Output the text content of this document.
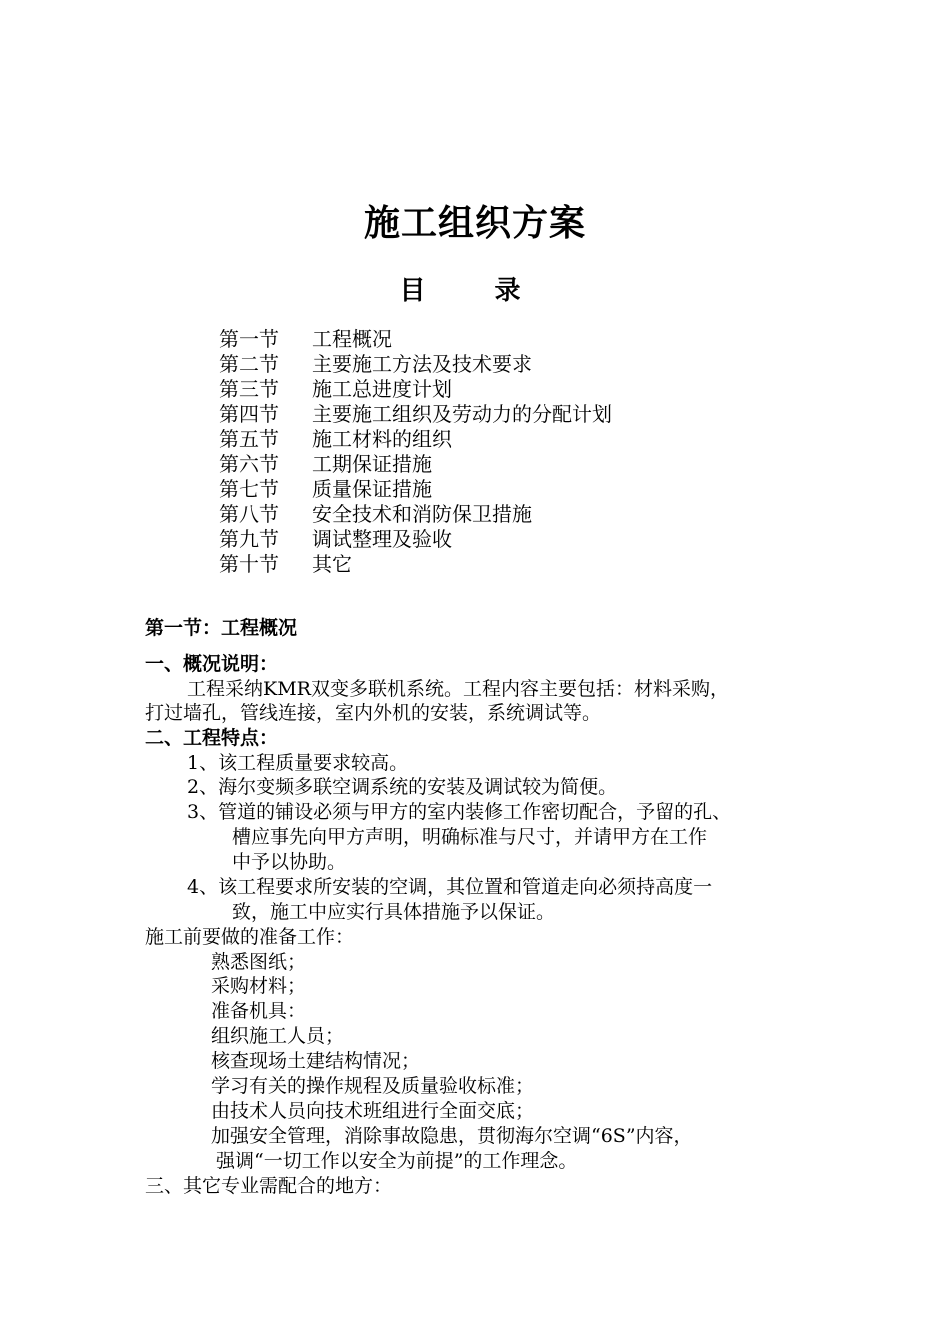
施工组织方案
目 录
第一节 工程概况
第二节 主要施工方法及技术要求
第三节 施工总进度计划
第四节 主要施工组织及劳动力的分配计划
第五节 施工材料的组织
第六节 工期保证措施
第七节 质量保证措施
第八节 安全技术和消防保卫措施
第九节 调试整理及验收
第十节 其它
第一节：工程概况
一、概况说明：
工程采纳KMR双变多联机系统。工程内容主要包括：材料采购，
打过墙孔，管线连接，室内外机的安装，系统调试等。
二、工程特点：
1、该工程质量要求较高。
2、海尔变频多联空调系统的安装及调试较为简便。
3、管道的铺设必须与甲方的室内装修工作密切配合，予留的孔、
槽应事先向甲方声明，明确标准与尺寸，并请甲方在工作
中予以协助。
4、该工程要求所安装的空调，其位置和管道走向必须持高度一
致，施工中应实行具体措施予以保证。
施工前要做的准备工作：
熟悉图纸；
采购材料；
准备机具：
组织施工人员；
核查现场土建结构情况；
学习有关的操作规程及质量验收标准；
由技术人员向技术班组进行全面交底；
加强安全管理，消除事故隐患，贯彻海尔空调“6S”内容，
强调“一切工作以安全为前提”的工作理念。
三、其它专业需配合的地方：
